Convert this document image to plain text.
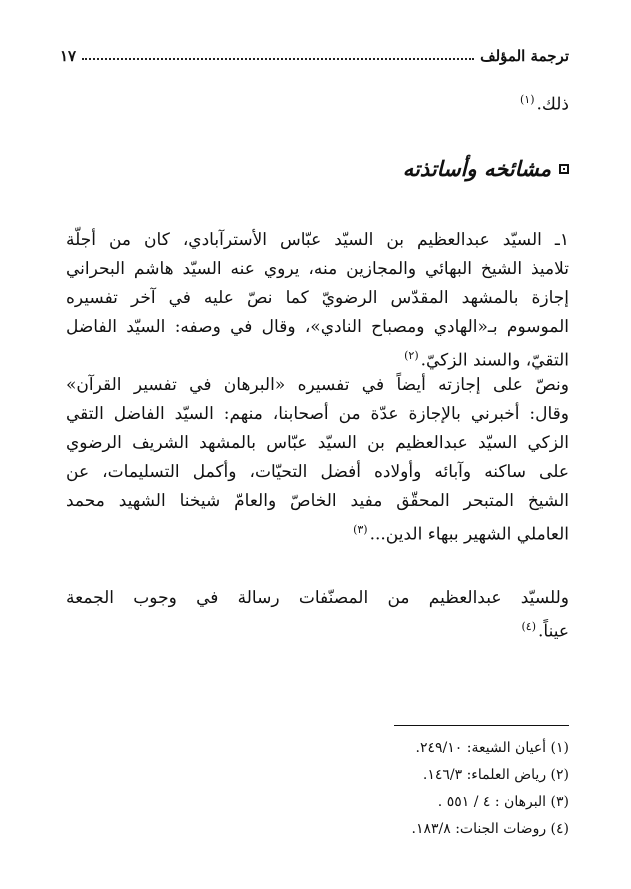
ترجمة المؤلف
١٧
ذلك.$^{(١)}$
مشائخه وأساتذته
١ـ السيّد عبدالعظيم بن السيّد عبّاس الأسترآبادي، كان من أجلّة
تلاميذ الشيخ البهائي والمجازين منه، يروي عنه السيّد هاشم البحراني
إجازة بالمشهد المقدّس الرضويّ كما نصّ عليه في آخر تفسيره
الموسوم بـ«الهادي ومصباح النادي»، وقال في وصفه: السيّد الفاضل
التقيّ، والسند الزكيّ.$^{(٢)}$
ونصّ على إجازته أيضاً في تفسيره «البرهان في تفسير القرآن»
وقال: أخبرني بالإجازة عدّة من أصحابنا، منهم: السيّد الفاضل التقي
الزكي السيّد عبدالعظيم بن السيّد عبّاس بالمشهد الشريف الرضوي
على ساكنه وآبائه وأولاده أفضل التحيّات، وأكمل التسليمات، عن
الشيخ المتبحر المحقّق مفيد الخاصّ والعامّ شيخنا الشهيد محمد
العاملي الشهير ببهاء الدين...$^{(٣)}$
وللسيّد عبدالعظيم من المصنّفات رسالة في وجوب الجمعة
عيناً.$^{(٤)}$
(١) أعيان الشيعة: ٢٤٩/١٠.
(٢) رياض العلماء: ١٤٦/٣.
(٣) البرهان : ٤ / ٥٥١ .
(٤) روضات الجنات: ١٨٣/٨.
